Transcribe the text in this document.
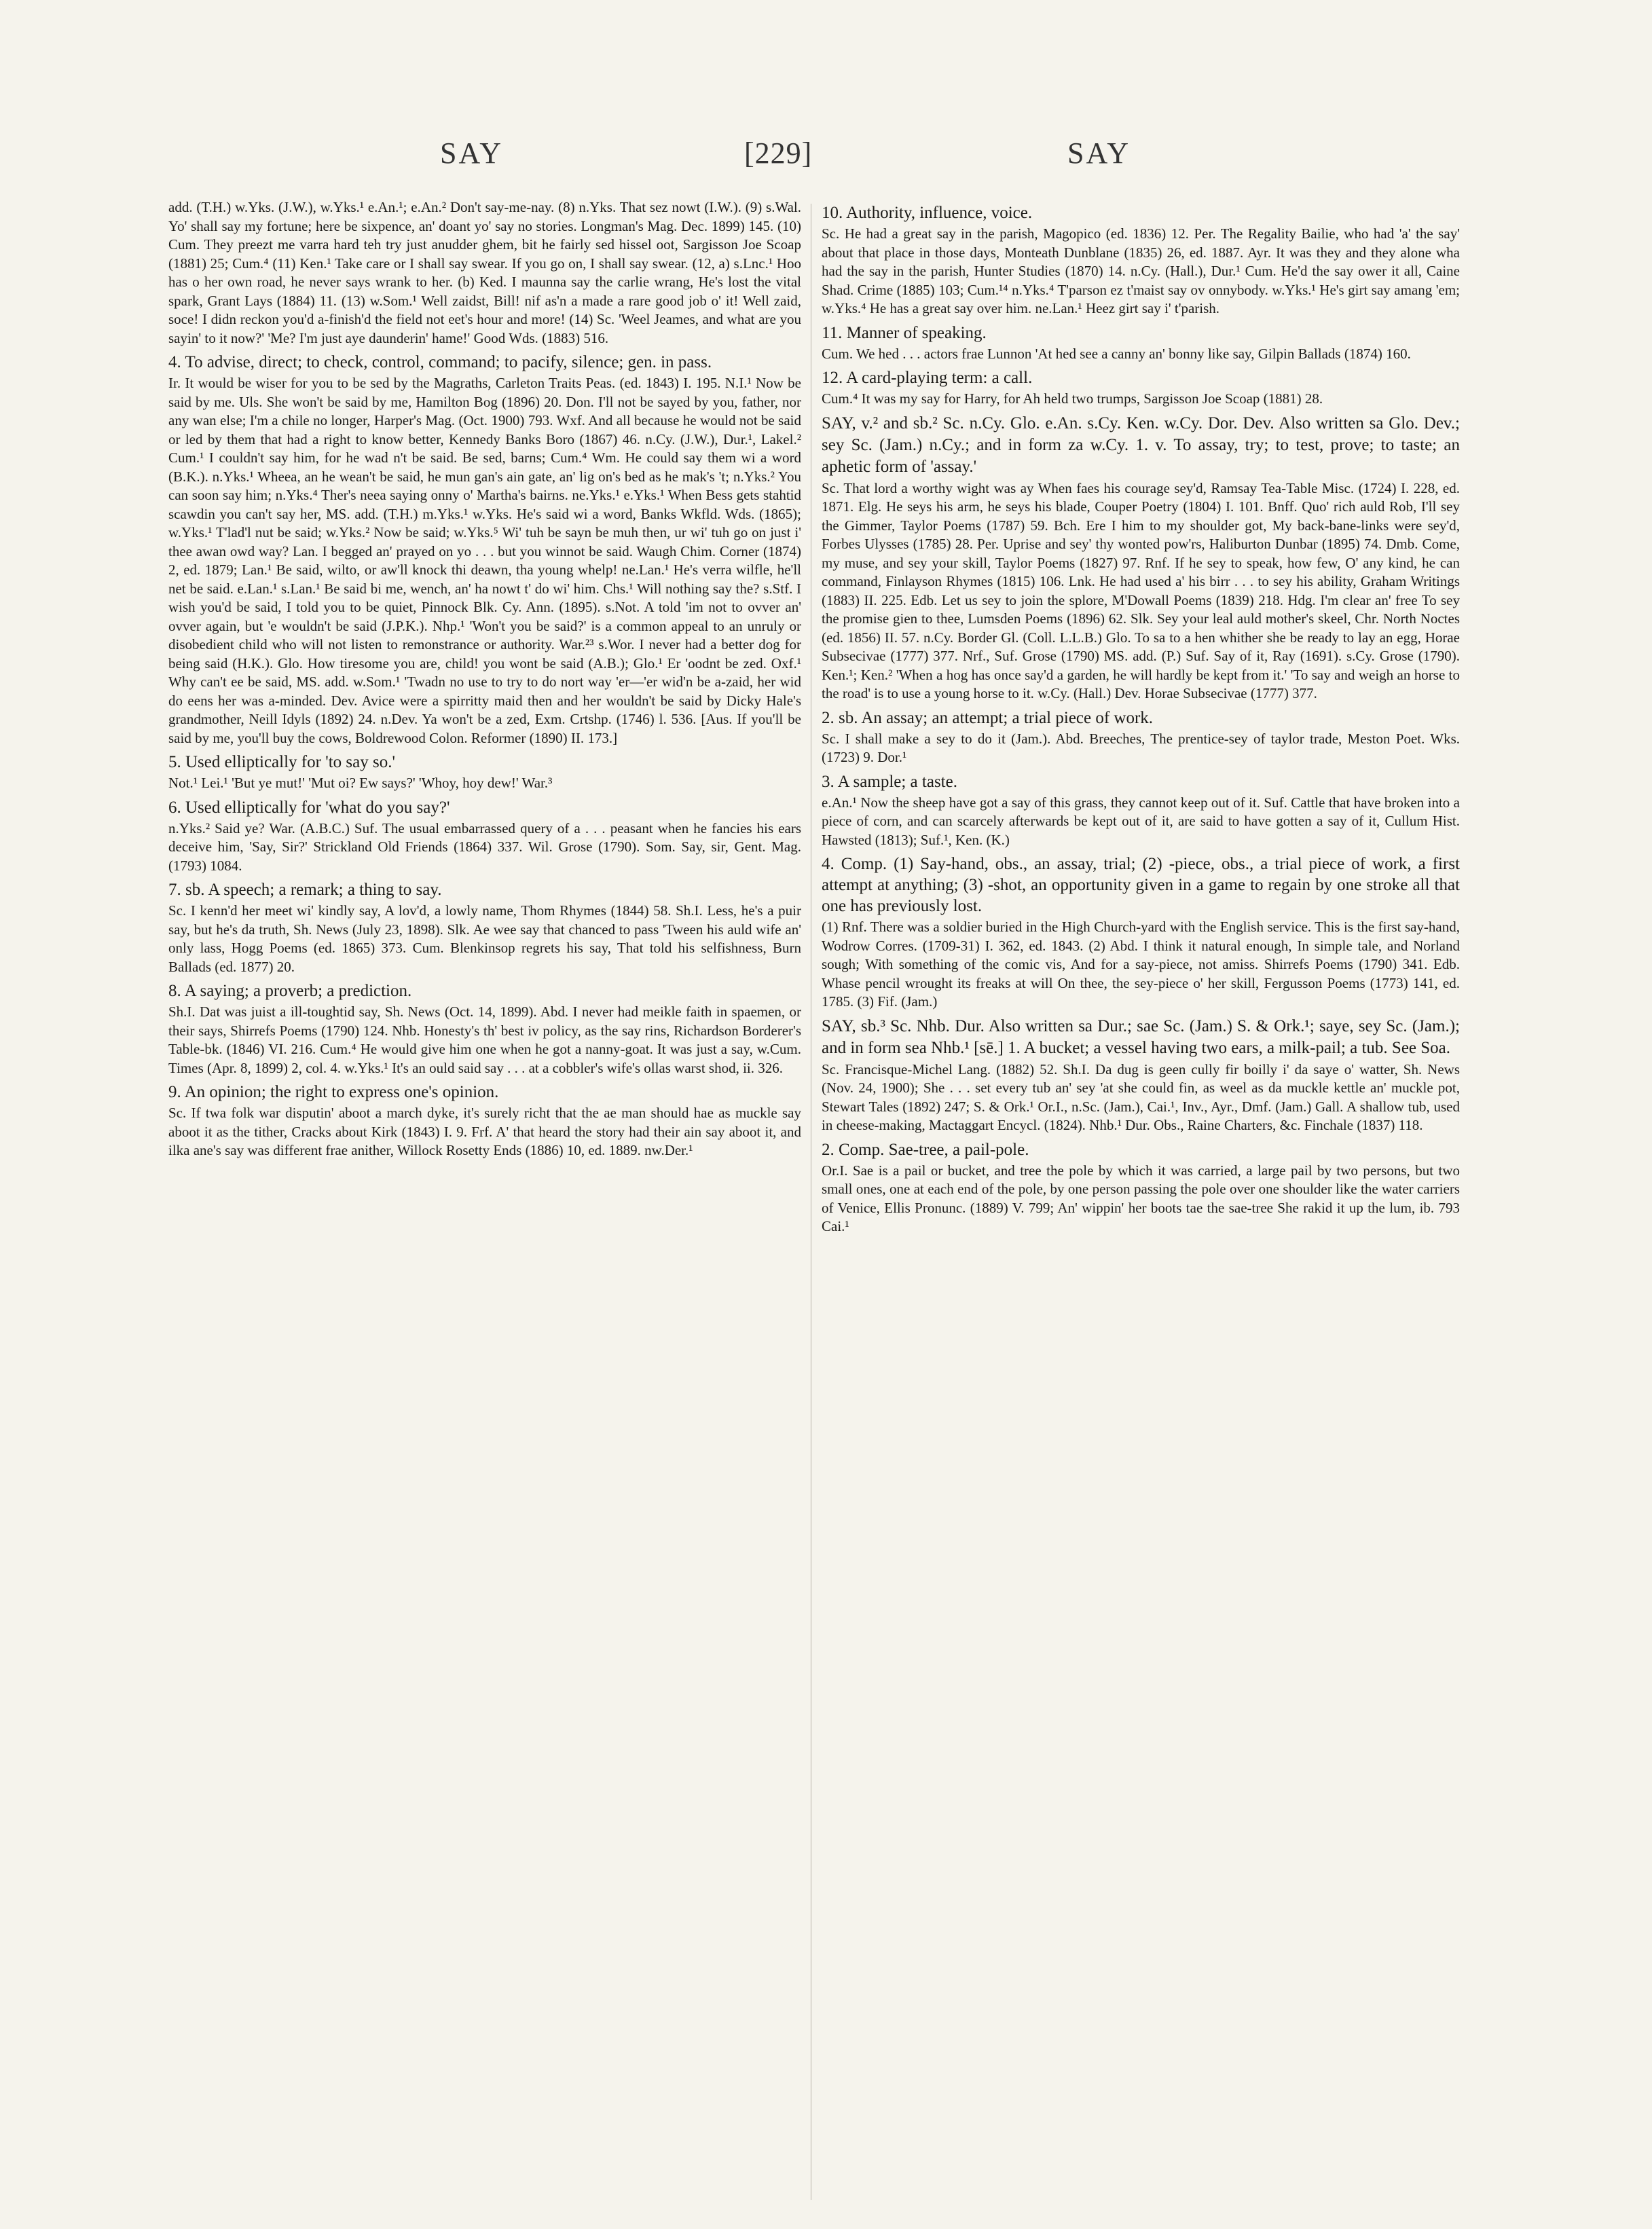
SAY	[229]	SAY

add. (T.H.) w.Yks. (J.W.), w.Yks.¹ e.An.¹; e.An.² Don't say-me-nay. (8) n.Yks. That sez nowt (I.W.). (9) s.Wal. Yo' shall say my fortune; here be sixpence, an' doant yo' say no stories. Longman's Mag. Dec. 1899) 145. (10) Cum. They preezt me varra hard teh try just anudder ghem, bit he fairly sed hissel oot, Sargisson Joe Scoap (1881) 25; Cum.⁴ (11) Ken.¹ Take care or I shall say swear. If you go on, I shall say swear. (12, a) s.Lnc.¹ Hoo has o her own road, he never says wrank to her. (b) Ked. I maunna say the carlie wrang, He's lost the vital spark, Grant Lays (1884) 11. (13) w.Som.¹ Well zaidst, Bill! nif as'n a made a rare good job o' it! Well zaid, soce! I didn reckon you'd a-finish'd the field not eet's hour and more! (14) Sc. 'Weel Jeames, and what are you sayin' to it now?' 'Me? I'm just aye daunderin' hame!' Good Wds. (1883) 516.

4. To advise, direct; to check, control, command; to pacify, silence; gen. in pass.

Ir. It would be wiser for you to be sed by the Magraths, Carleton Traits Peas. (ed. 1843) I. 195. N.I.¹ Now be said by me. Uls. She won't be said by me, Hamilton Bog (1896) 20. Don. I'll not be sayed by you, father, nor any wan else; I'm a chile no longer, Harper's Mag. (Oct. 1900) 793. Wxf. And all because he would not be said or led by them that had a right to know better, Kennedy Banks Boro (1867) 46. n.Cy. (J.W.), Dur.¹, Lakel.² Cum.¹ I couldn't say him, for he wad n't be said. Be sed, barns; Cum.⁴ Wm. He could say them wi a word (B.K.). n.Yks.¹ Wheea, an he wean't be said, he mun gan's ain gate, an' lig on's bed as he mak's 't; n.Yks.² You can soon say him; n.Yks.⁴ Ther's neea saying onny o' Martha's bairns. ne.Yks.¹ e.Yks.¹ When Bess gets stahtid scawdin you can't say her, MS. add. (T.H.) m.Yks.¹ w.Yks. He's said wi a word, Banks Wkfld. Wds. (1865); w.Yks.¹ T'lad'l nut be said; w.Yks.² Now be said; w.Yks.⁵ Wi' tuh be sayn be muh then, ur wi' tuh go on just i' thee awan owd way? Lan. I begged an' prayed on yo . . . but you winnot be said. Waugh Chim. Corner (1874) 2, ed. 1879; Lan.¹ Be said, wilto, or aw'll knock thi deawn, tha young whelp! ne.Lan.¹ He's verra wilfle, he'll net be said. e.Lan.¹ s.Lan.¹ Be said bi me, wench, an' ha nowt t' do wi' him. Chs.¹ Will nothing say the? s.Stf. I wish you'd be said, I told you to be quiet, Pinnock Blk. Cy. Ann. (1895). s.Not. A told 'im not to ovver an' ovver again, but 'e wouldn't be said (J.P.K.). Nhp.¹ 'Won't you be said?' is a common appeal to an unruly or disobedient child who will not listen to remonstrance or authority. War.²³ s.Wor. I never had a better dog for being said (H.K.). Glo. How tiresome you are, child! you wont be said (A.B.); Glo.¹ Er 'oodnt be zed. Oxf.¹ Why can't ee be said, MS. add. w.Som.¹ 'Twadn no use to try to do nort way 'er—'er wid'n be a-zaid, her wid do eens her was a-minded. Dev. Avice were a spirritty maid then and her wouldn't be said by Dicky Hale's grandmother, Neill Idyls (1892) 24. n.Dev. Ya won't be a zed, Exm. Crtshp. (1746) l. 536. [Aus. If you'll be said by me, you'll buy the cows, Boldrewood Colon. Reformer (1890) II. 173.]

5. Used elliptically for 'to say so.'

Not.¹ Lei.¹ 'But ye mut!' 'Mut oi? Ew says?' 'Whoy, hoy dew!' War.³

6. Used elliptically for 'what do you say?'

n.Yks.² Said ye? War. (A.B.C.) Suf. The usual embarrassed query of a . . . peasant when he fancies his ears deceive him, 'Say, Sir?' Strickland Old Friends (1864) 337. Wil. Grose (1790). Som. Say, sir, Gent. Mag. (1793) 1084.

7. sb. A speech; a remark; a thing to say.

Sc. I kenn'd her meet wi' kindly say, A lov'd, a lowly name, Thom Rhymes (1844) 58. Sh.I. Less, he's a puir say, but he's da truth, Sh. News (July 23, 1898). Slk. Ae wee say that chanced to pass 'Tween his auld wife an' only lass, Hogg Poems (ed. 1865) 373. Cum. Blenkinsop regrets his say, That told his selfishness, Burn Ballads (ed. 1877) 20.

8. A saying; a proverb; a prediction.

Sh.I. Dat was juist a ill-toughtid say, Sh. News (Oct. 14, 1899). Abd. I never had meikle faith in spaemen, or their says, Shirrefs Poems (1790) 124. Nhb. Honesty's th' best iv policy, as the say rins, Richardson Borderer's Table-bk. (1846) VI. 216. Cum.⁴ He would give him one when he got a nanny-goat. It was just a say, w.Cum. Times (Apr. 8, 1899) 2, col. 4. w.Yks.¹ It's an ould said say . . . at a cobbler's wife's ollas warst shod, ii. 326.

9. An opinion; the right to express one's opinion.

Sc. If twa folk war disputin' aboot a march dyke, it's surely richt that the ae man should hae as muckle say aboot it as the tither, Cracks about Kirk (1843) I. 9. Frf. A' that heard the story had their ain say aboot it, and ilka ane's say was different frae anither, Willock Rosetty Ends (1886) 10, ed. 1889. nw.Der.¹

10. Authority, influence, voice.

Sc. He had a great say in the parish, Magopico (ed. 1836) 12. Per. The Regality Bailie, who had 'a' the say' about that place in those days, Monteath Dunblane (1835) 26, ed. 1887. Ayr. It was they and they alone wha had the say in the parish, Hunter Studies (1870) 14. n.Cy. (Hall.), Dur.¹ Cum. He'd the say ower it all, Caine Shad. Crime (1885) 103; Cum.¹⁴ n.Yks.⁴ T'parson ez t'maist say ov onnybody. w.Yks.¹ He's girt say amang 'em; w.Yks.⁴ He has a great say over him. ne.Lan.¹ Heez girt say i' t'parish.

11. Manner of speaking.

Cum. We hed . . . actors frae Lunnon 'At hed see a canny an' bonny like say, Gilpin Ballads (1874) 160.

12. A card-playing term: a call.

Cum.⁴ It was my say for Harry, for Ah held two trumps, Sargisson Joe Scoap (1881) 28.

SAY, v.² and sb.² Sc. n.Cy. Glo. e.An. s.Cy. Ken. w.Cy. Dor. Dev. Also written sa Glo. Dev.; sey Sc. (Jam.) n.Cy.; and in form za w.Cy. 1. v. To assay, try; to test, prove; to taste; an aphetic form of 'assay.'

Sc. That lord a worthy wight was ay When faes his courage sey'd, Ramsay Tea-Table Misc. (1724) I. 228, ed. 1871. Elg. He seys his arm, he seys his blade, Couper Poetry (1804) I. 101. Bnff. Quo' rich auld Rob, I'll sey the Gimmer, Taylor Poems (1787) 59. Bch. Ere I him to my shoulder got, My back-bane-links were sey'd, Forbes Ulysses (1785) 28. Per. Uprise and sey' thy wonted pow'rs, Haliburton Dunbar (1895) 74. Dmb. Come, my muse, and sey your skill, Taylor Poems (1827) 97. Rnf. If he sey to speak, how few, O' any kind, he can command, Finlayson Rhymes (1815) 106. Lnk. He had used a' his birr . . . to sey his ability, Graham Writings (1883) II. 225. Edb. Let us sey to join the splore, M'Dowall Poems (1839) 218. Hdg. I'm clear an' free To sey the promise gien to thee, Lumsden Poems (1896) 62. Slk. Sey your leal auld mother's skeel, Chr. North Noctes (ed. 1856) II. 57. n.Cy. Border Gl. (Coll. L.L.B.) Glo. To sa to a hen whither she be ready to lay an egg, Horae Subsecivae (1777) 377. Nrf., Suf. Grose (1790) MS. add. (P.) Suf. Say of it, Ray (1691). s.Cy. Grose (1790). Ken.¹; Ken.² 'When a hog has once say'd a garden, he will hardly be kept from it.' 'To say and weigh an horse to the road' is to use a young horse to it. w.Cy. (Hall.) Dev. Horae Subsecivae (1777) 377.

2. sb. An assay; an attempt; a trial piece of work.

Sc. I shall make a sey to do it (Jam.). Abd. Breeches, The prentice-sey of taylor trade, Meston Poet. Wks. (1723) 9. Dor.¹

3. A sample; a taste.

e.An.¹ Now the sheep have got a say of this grass, they cannot keep out of it. Suf. Cattle that have broken into a piece of corn, and can scarcely afterwards be kept out of it, are said to have gotten a say of it, Cullum Hist. Hawsted (1813); Suf.¹, Ken. (K.)

4. Comp. (1) Say-hand, obs., an assay, trial; (2) -piece, obs., a trial piece of work, a first attempt at anything; (3) -shot, an opportunity given in a game to regain by one stroke all that one has previously lost.

(1) Rnf. There was a soldier buried in the High Church-yard with the English service. This is the first say-hand, Wodrow Corres. (1709-31) I. 362, ed. 1843. (2) Abd. I think it natural enough, In simple tale, and Norland sough; With something of the comic vis, And for a say-piece, not amiss. Shirrefs Poems (1790) 341. Edb. Whase pencil wrought its freaks at will On thee, the sey-piece o' her skill, Fergusson Poems (1773) 141, ed. 1785. (3) Fif. (Jam.)

SAY, sb.³ Sc. Nhb. Dur. Also written sa Dur.; sae Sc. (Jam.) S. & Ork.¹; saye, sey Sc. (Jam.); and in form sea Nhb.¹ [sē.] 1. A bucket; a vessel having two ears, a milk-pail; a tub. See Soa.

Sc. Francisque-Michel Lang. (1882) 52. Sh.I. Da dug is geen cully fir boilly i' da saye o' watter, Sh. News (Nov. 24, 1900); She . . . set every tub an' sey 'at she could fin, as weel as da muckle kettle an' muckle pot, Stewart Tales (1892) 247; S. & Ork.¹ Or.I., n.Sc. (Jam.), Cai.¹, Inv., Ayr., Dmf. (Jam.) Gall. A shallow tub, used in cheese-making, Mactaggart Encycl. (1824). Nhb.¹ Dur. Obs., Raine Charters, &c. Finchale (1837) 118.

2. Comp. Sae-tree, a pail-pole.

Or.I. Sae is a pail or bucket, and tree the pole by which it was carried, a large pail by two persons, but two small ones, one at each end of the pole, by one person passing the pole over one shoulder like the water carriers of Venice, Ellis Pronunc. (1889) V. 799; An' wippin' her boots tae the sae-tree She rakid it up the lum, ib. 793 Cai.¹
